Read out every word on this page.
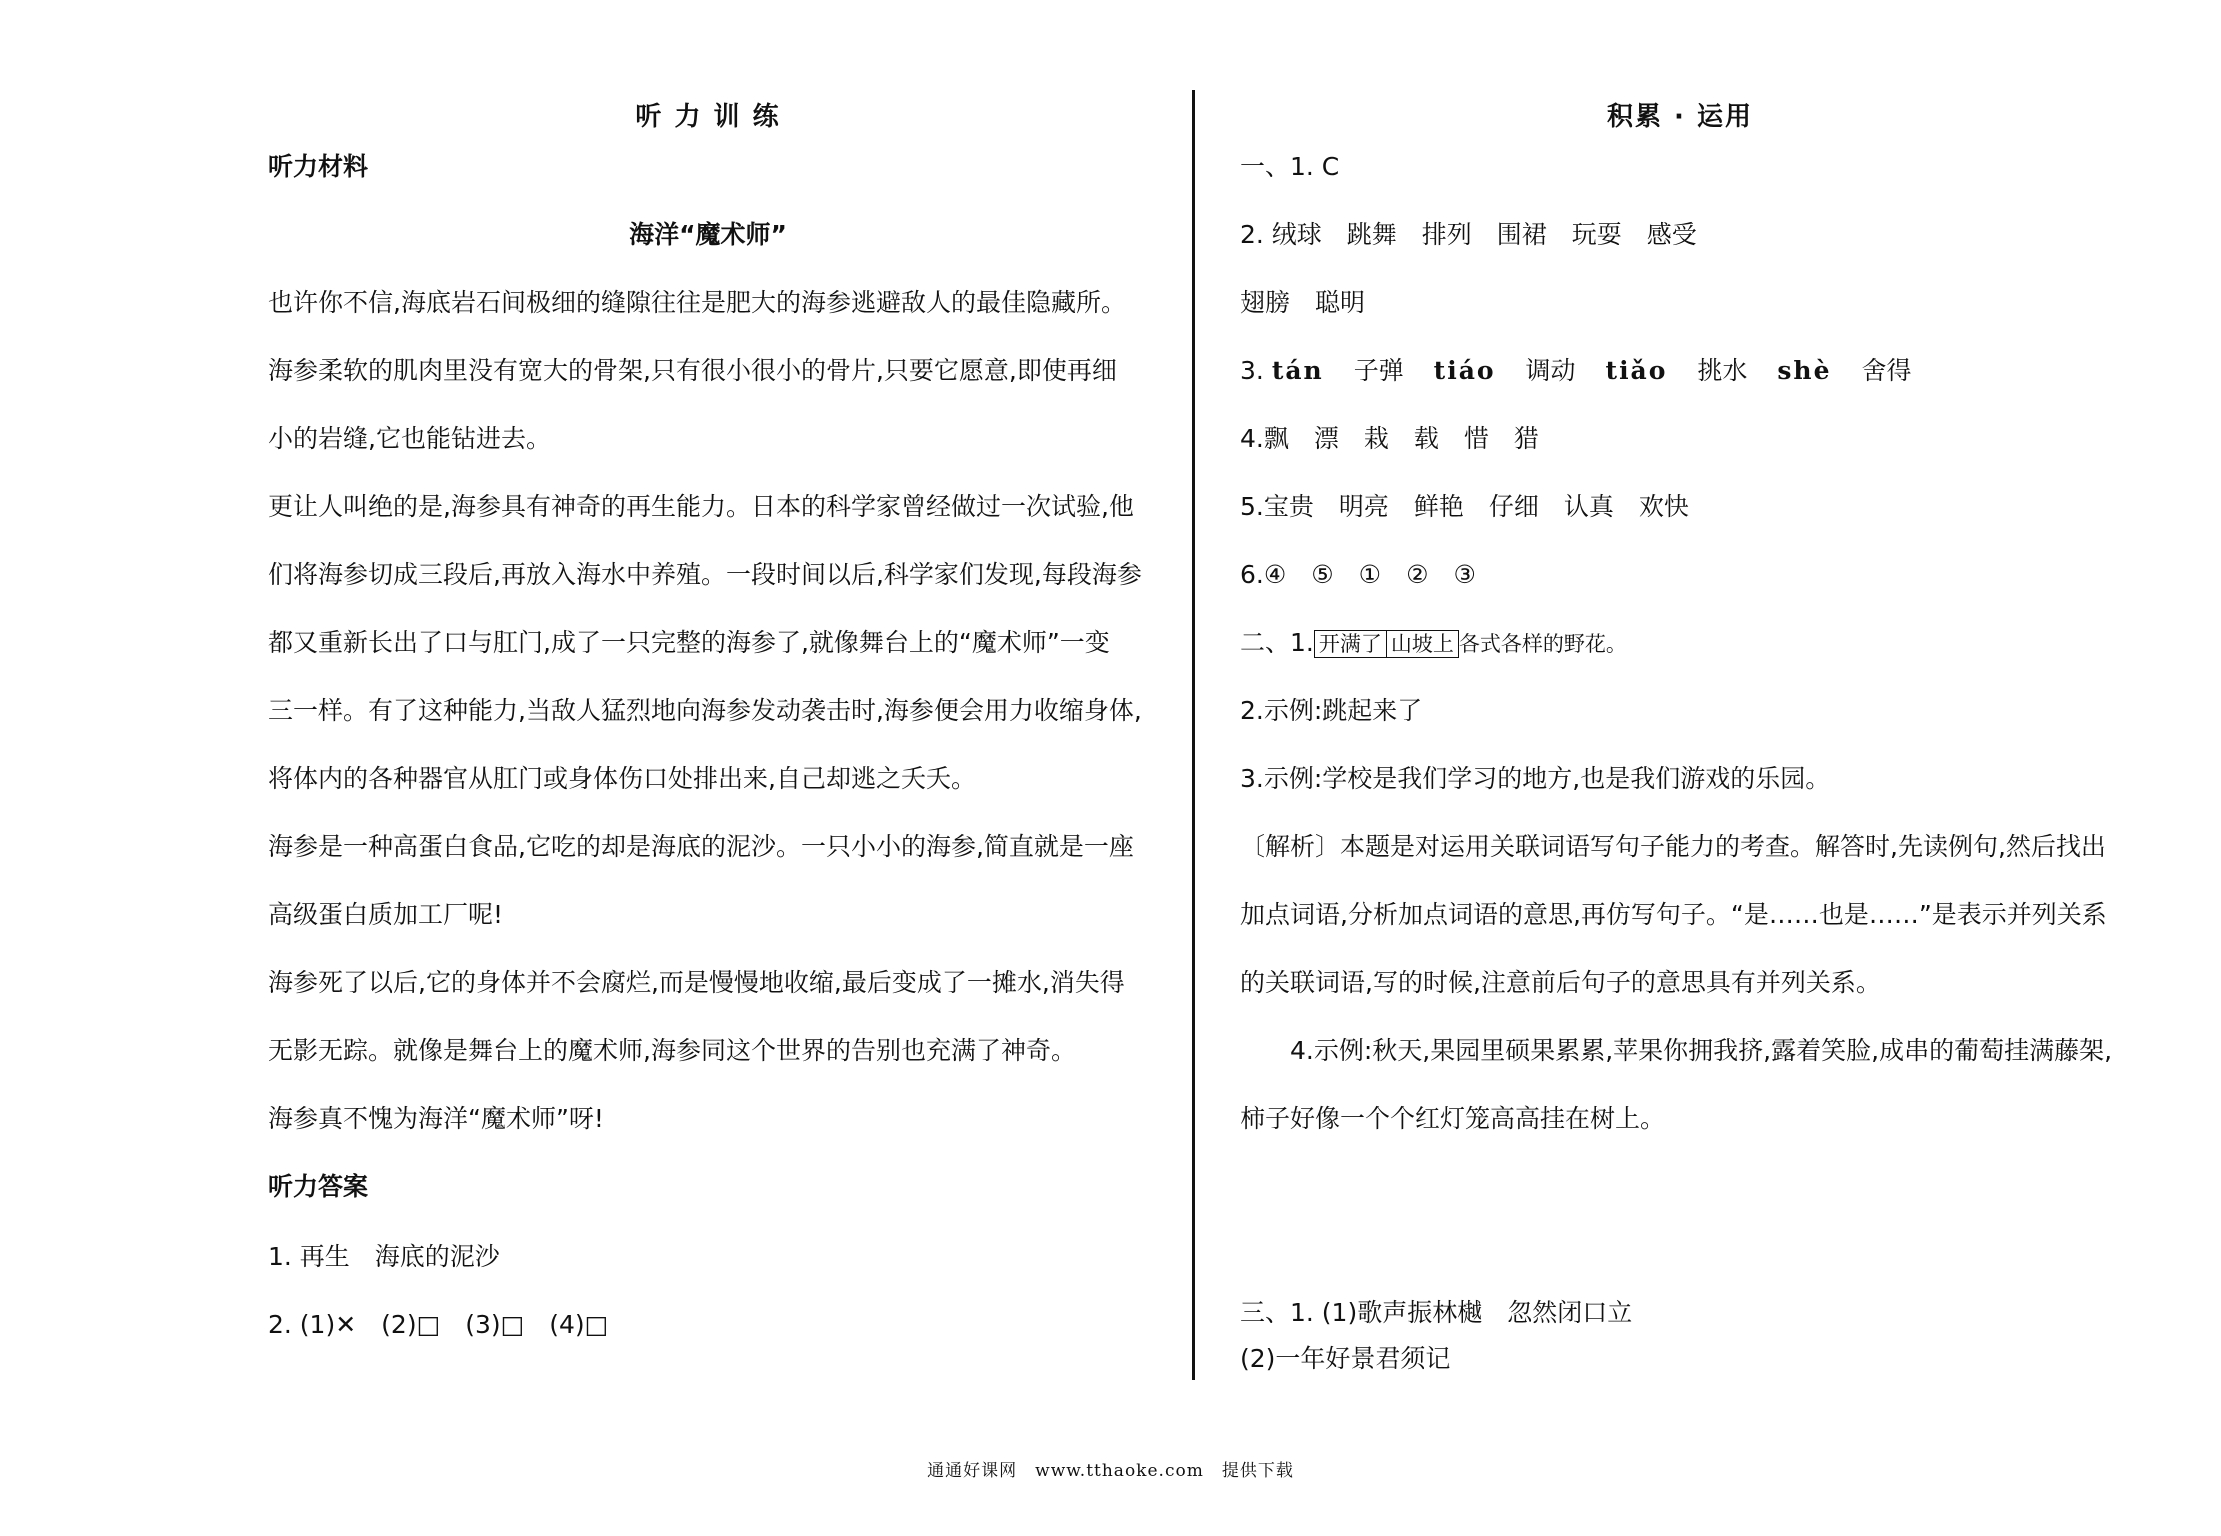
听 力 训 练
听力材料
海洋“魔术师”
也许你不信,海底岩石间极细的缝隙往往是肥大的海参逃避敌人的最佳隐藏所。
海参柔软的肌肉里没有宽大的骨架,只有很小很小的骨片,只要它愿意,即使再细
小的岩缝,它也能钻进去。
更让人叫绝的是,海参具有神奇的再生能力。日本的科学家曾经做过一次试验,他
们将海参切成三段后,再放入海水中养殖。一段时间以后,科学家们发现,每段海参
都又重新长出了口与肛门,成了一只完整的海参了,就像舞台上的“魔术师”一变
三一样。有了这种能力,当敌人猛烈地向海参发动袭击时,海参便会用力收缩身体,
将体内的各种器官从肛门或身体伤口处排出来,自己却逃之夭夭。
海参是一种高蛋白食品,它吃的却是海底的泥沙。一只小小的海参,简直就是一座
高级蛋白质加工厂呢!
海参死了以后,它的身体并不会腐烂,而是慢慢地收缩,最后变成了一摊水,消失得
无影无踪。就像是舞台上的魔术师,海参同这个世界的告别也充满了神奇。
海参真不愧为海洋“魔术师”呀!
听力答案
1. 再生　海底的泥沙
2. (1)✕　(2)□　(3)□　(4)□
积累 · 运用
一、1. C
2. 绒球　跳舞　排列　围裙　玩耍　感受
翅膀　聪明
3. tán 子弹 tiáo 调动 tiǎo 挑水 shè 舍得
4.飘　漂　栽　载　惜　猎
5.宝贵　明亮　鲜艳　仔细　认真　欢快
6.④　⑤　①　②　③
二、1. 开满了 山坡上 各式各样的野花。
2.示例:跳起来了
3.示例:学校是我们学习的地方,也是我们游戏的乐园。
〔解析〕本题是对运用关联词语写句子能力的考查。解答时,先读例句,然后找出
加点词语,分析加点词语的意思,再仿写句子。“是……也是……”是表示并列关系
的关联词语,写的时候,注意前后句子的意思具有并列关系。
4.示例:秋天,果园里硕果累累,苹果你拥我挤,露着笑脸,成串的葡萄挂满藤架,
柿子好像一个个红灯笼高高挂在树上。
三、1. (1)歌声振林樾　忽然闭口立
(2)一年好景君须记
通通好课网　www.tthaoke.com　提供下载
